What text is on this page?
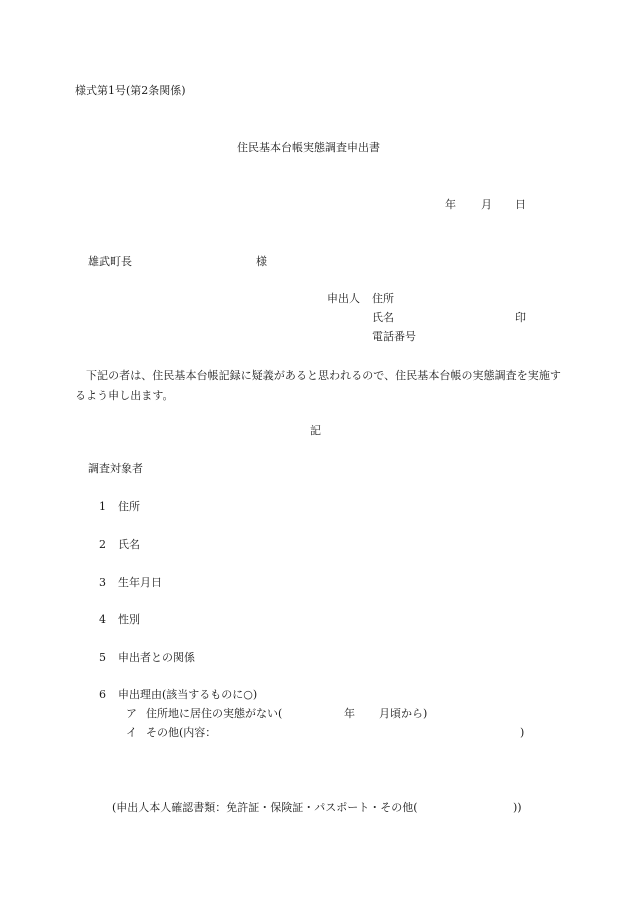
様式第1号(第2条関係)
住民基本台帳実態調査申出書
年 月 日
雄武町長	様
申出人 住所
氏名	印
電話番号
下記の者は、住民基本台帳記録に疑義があると思われるので、住民基本台帳の実態調査を実施するよう申し出ます。
記
調査対象者
1 住所
2 氏名
3 生年月日
4 性別
5 申出者との関係
6 申出理由(該当するものに○)
ア 住所地に居住の実態がない(	年 月頃から)
イ その他(内容：	)
(申出人本人確認書類：免許証・保険証・パスポート・その他(	))
